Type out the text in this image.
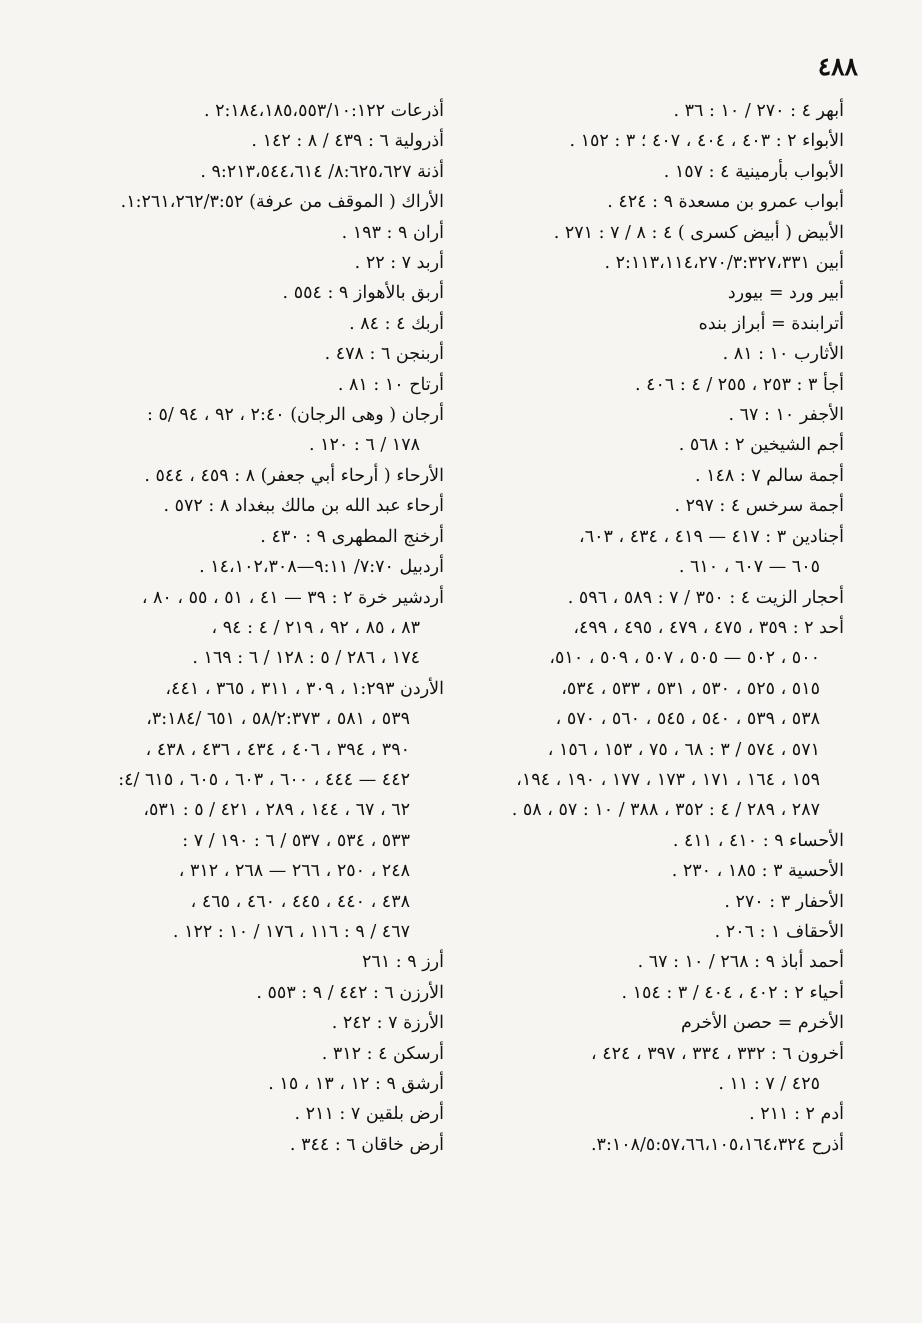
٤٨٨
أبهر ٤ : ٢٧٠ / ١٠ : ٣٦ .
الأبواء ٢ : ٤٠٣ ، ٤٠٤ ، ٤٠٧ ؛ ٣ : ١٥٢ .
الأبواب بأرمينية ٤ : ١٥٧ .
أبواب عمرو بن مسعدة ٩ : ٤٢٤ .
الأبيض ( أبيض كسرى ) ٤ : ٨ / ٧ : ٢٧١ .
أبين ٢:١١٣،١١٤،٢٧٠/٣:٣٢٧،٣٣١ .
أبير ورد = بيورد
أترابندة = أبراز بنده
الأثارب ١٠ : ٨١ .
أجأ ٣ : ٢٥٣ ، ٢٥٥ / ٤ : ٤٠٦ .
الأجفر ١٠ : ٦٧ .
أجم الشيخين ٢ : ٥٦٨ .
أجمة سالم ٧ : ١٤٨ .
أجمة سرخس ٤ : ٢٩٧ .
أجنادين ٣ : ٤١٧ — ٤١٩ ، ٤٣٤ ، ٦٠٣،
٦٠٥ — ٦٠٧ ، ٦١٠ .
أحجار الزيت ٤ : ٣٥٠ / ٧ : ٥٨٩ ، ٥٩٦ .
أحد ٢ : ٣٥٩ ، ٤٧٥ ، ٤٧٩ ، ٤٩٥ ، ٤٩٩،
٥٠٠ ، ٥٠٢ — ٥٠٥ ، ٥٠٧ ، ٥٠٩ ، ٥١٠،
٥١٥ ، ٥٢٥ ، ٥٣٠ ، ٥٣١ ، ٥٣٣ ، ٥٣٤،
٥٣٨ ، ٥٣٩ ، ٥٤٠ ، ٥٤٥ ، ٥٦٠ ، ٥٧٠ ،
٥٧١ ، ٥٧٤ / ٣ : ٦٨ ، ٧٥ ، ١٥٣ ، ١٥٦ ،
١٥٩ ، ١٦٤ ، ١٧١ ، ١٧٣ ، ١٧٧ ، ١٩٠ ، ١٩٤،
٢٨٧ ، ٢٨٩ / ٤ : ٣٥٢ ، ٣٨٨ / ١٠ : ٥٧ ، ٥٨ .
الأحساء ٩ : ٤١٠ ، ٤١١ .
الأحسية ٣ : ١٨٥ ، ٢٣٠ .
الأحفار ٣ : ٢٧٠ .
الأحقاف ١ : ٢٠٦ .
أحمد أباذ ٩ : ٢٦٨ / ١٠ : ٦٧ .
أحياء ٢ : ٤٠٢ ، ٤٠٤ / ٣ : ١٥٤ .
الأخرم = حصن الأخرم
أخرون ٦ : ٣٣٢ ، ٣٣٤ ، ٣٩٧ ، ٤٢٤ ،
٤٢٥ / ٧ : ١١ .
أدم ٢ : ٢١١ .
أذرح ٣:١٠٨/٥:٥٧،٦٦،١٠٥،١٦٤،٣٢٤.
أذرعات ٢:١٨٤،١٨٥،٥٥٣/١٠:١٢٢ .
أذرولية ٦ : ٤٣٩ / ٨ : ١٤٢ .
أذنة ٨:٦٢٥،٦٢٧/ ٩:٢١٣،٥٤٤،٦١٤ .
الأراك ( الموقف من عرفة) ١:٢٦١،٢٦٢/٣:٥٢.
أران ٩ : ١٩٣ .
أربد ٧ : ٢٢ .
أربق بالأهواز ٩ : ٥٥٤ .
أربك ٤ : ٨٤ .
أربنجن ٦ : ٤٧٨ .
أرتاح ١٠ : ٨١ .
أرجان ( وهى الرجان) ٢:٤٠ ، ٩٢ ، ٩٤ /٥ :
١٧٨ / ٦ : ١٢٠ .
الأرحاء ( أرحاء أبي جعفر) ٨ : ٤٥٩ ، ٥٤٤ .
أرحاء عبد الله بن مالك ببغداد ٨ : ٥٧٢ .
أرخنج المطهرى ٩ : ٤٣٠ .
أردبيل ٧:٧٠/ ٩:١١—١٤،١٠٢،٣٠٨ .
أردشير خرة ٢ : ٣٩ — ٤١ ، ٥١ ، ٥٥ ، ٨٠ ،
٨٣ ، ٨٥ ، ٩٢ ، ٢١٩ / ٤ : ٩٤ ،
١٧٤ ، ٢٨٦ / ٥ : ١٢٨ / ٦ : ١٦٩ .
الأردن ١:٢٩٣ ، ٣٠٩ ، ٣١١ ، ٣٦٥ ، ٤٤١،
٥٣٩ ، ٥٨١ ، ٥٨/٢:٣٧٣ ، ٦٥١ /٣:١٨٤،
٣٩٠ ، ٣٩٤ ، ٤٠٦ ، ٤٣٤ ، ٤٣٦ ، ٤٣٨ ،
٤٤٢ — ٤٤٤ ، ٦٠٠ ، ٦٠٣ ، ٦٠٥ ، ٦١٥ /٤:
٦٢ ، ٦٧ ، ١٤٤ ، ٢٨٩ ، ٤٢١ / ٥ : ٥٣١،
٥٣٣ ، ٥٣٤ ، ٥٣٧ / ٦ : ١٩٠ / ٧ :
٢٤٨ ، ٢٥٠ ، ٢٦٦ — ٢٦٨ ، ٣١٢ ،
٤٣٨ ، ٤٤٠ ، ٤٤٥ ، ٤٦٠ ، ٤٦٥ ،
٤٦٧ / ٩ : ١١٦ ، ١٧٦ / ١٠ : ١٢٢ .
أرز ٩ : ٢٦١
الأرزن ٦ : ٤٤٢ / ٩ : ٥٥٣ .
الأرزة ٧ : ٢٤٢ .
أرسكن ٤ : ٣١٢ .
أرشق ٩ : ١٢ ، ١٣ ، ١٥ .
أرض بلقين ٧ : ٢١١ .
أرض خاقان ٦ : ٣٤٤ .
